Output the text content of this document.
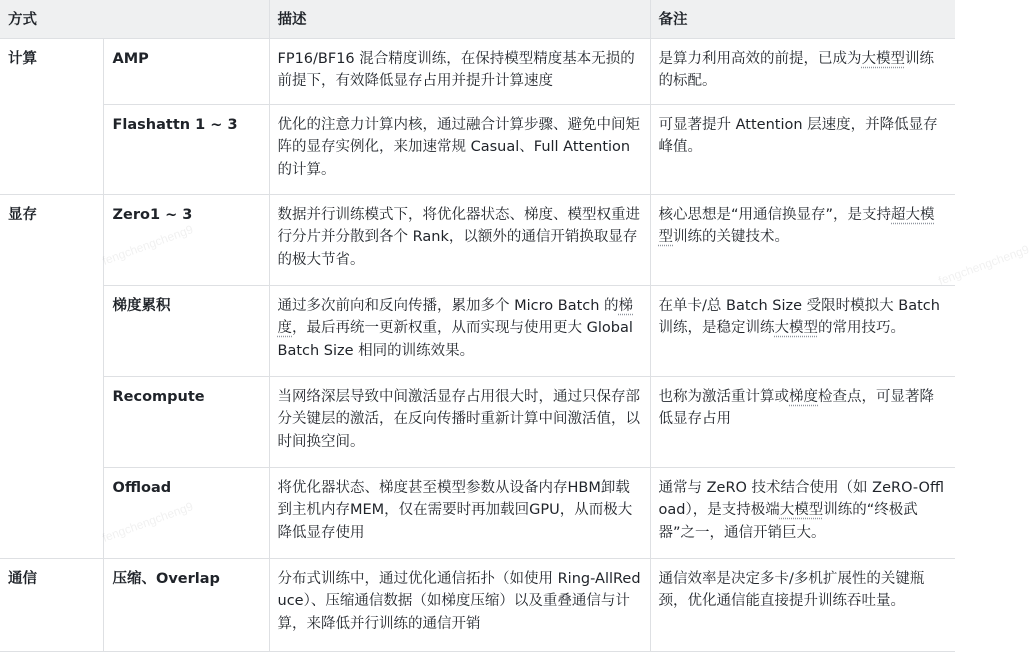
方式		描述	备注
计算	AMP	FP16/BF16 混合精度训练，在保持模型精度基本无损的前提下，有效降低显存占用并提升计算速度	是算力利用高效的前提，已成为大模型训练的标配。
	Flashattn 1 ~ 3	优化的注意力计算内核，通过融合计算步骤、避免中间矩阵的显存实例化，来加速常规 Casual、Full Attention 的计算。	可显著提升 Attention 层速度，并降低显存峰值。
显存	Zero1 ~ 3	数据并行训练模式下，将优化器状态、梯度、模型权重进行分片并分散到各个 Rank，以额外的通信开销换取显存的极大节省。	核心思想是“用通信换显存”，是支持超大模型训练的关键技术。
	梯度累积	通过多次前向和反向传播，累加多个 Micro Batch 的梯度，最后再统一更新权重，从而实现与使用更大 Global Batch Size 相同的训练效果。	在单卡/总 Batch Size 受限时模拟大 Batch 训练，是稳定训练大模型的常用技巧。
	Recompute	当网络深层导致中间激活显存占用很大时，通过只保存部分关键层的激活，在反向传播时重新计算中间激活值，以时间换空间。	也称为激活重计算或梯度检查点，可显著降低显存占用
	Offload	将优化器状态、梯度甚至模型参数从设备内存HBM卸载到主机内存MEM，仅在需要时再加载回GPU，从而极大降低显存使用	通常与 ZeRO 技术结合使用（如 ZeRO-Offload），是支持极端大模型训练的“终极武器”之一，通信开销巨大。
通信	压缩、Overlap	分布式训练中，通过优化通信拓扑（如使用 Ring-AllReduce）、压缩通信数据（如梯度压缩）以及重叠通信与计算，来降低并行训练的通信开销	通信效率是决定多卡/多机扩展性的关键瓶颈，优化通信能直接提升训练吞吐量。
fengchengcheng9
fengchengcheng9
fengchengcheng9
